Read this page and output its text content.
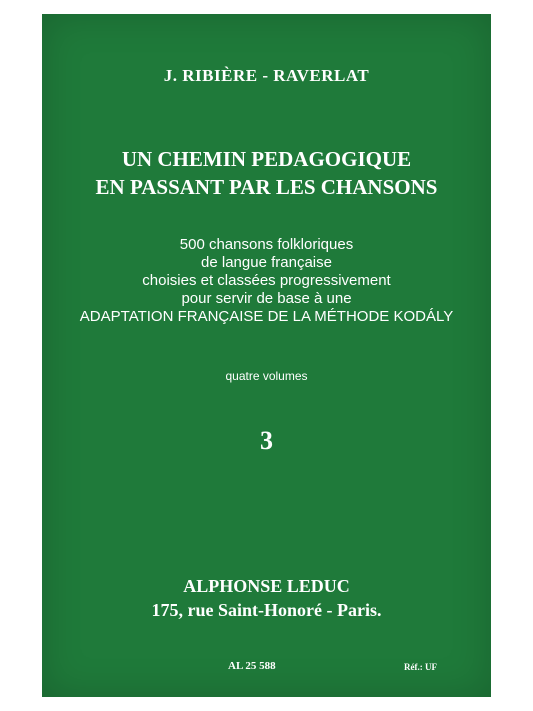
J. RIBIÈRE - RAVERLAT
UN CHEMIN PEDAGOGIQUE
EN PASSANT PAR LES CHANSONS
500 chansons folkloriques
de langue française
choisies et classées progressivement
pour servir de base à une
ADAPTATION FRANÇAISE DE LA MÉTHODE KODÁLY
quatre volumes
3
ALPHONSE LEDUC
175, rue Saint-Honoré - Paris.
AL 25 588	Réf.: UF
